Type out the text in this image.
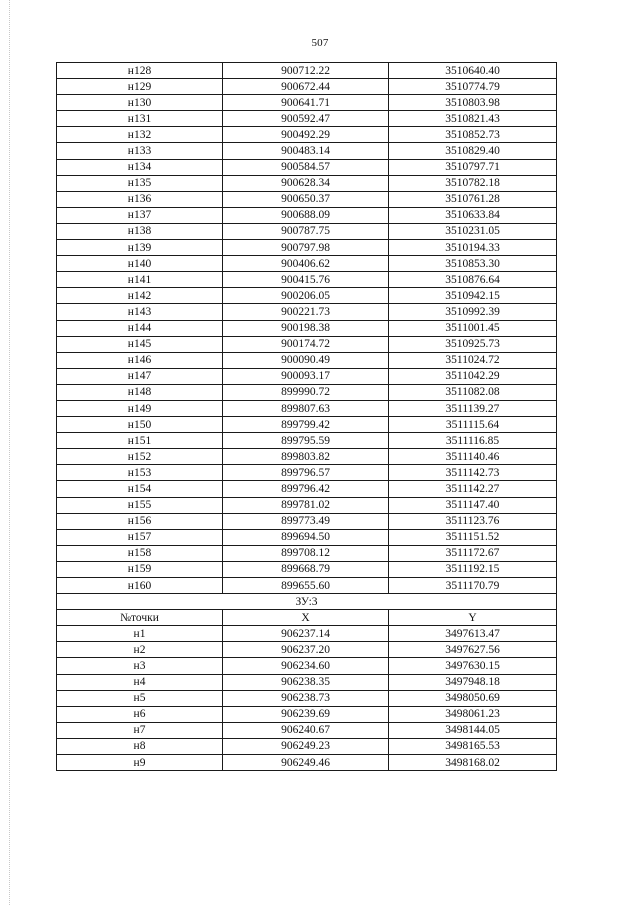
507
н128	900712.22	3510640.40
н129	900672.44	3510774.79
н130	900641.71	3510803.98
н131	900592.47	3510821.43
н132	900492.29	3510852.73
н133	900483.14	3510829.40
н134	900584.57	3510797.71
н135	900628.34	3510782.18
н136	900650.37	3510761.28
н137	900688.09	3510633.84
н138	900787.75	3510231.05
н139	900797.98	3510194.33
н140	900406.62	3510853.30
н141	900415.76	3510876.64
н142	900206.05	3510942.15
н143	900221.73	3510992.39
н144	900198.38	3511001.45
н145	900174.72	3510925.73
н146	900090.49	3511024.72
н147	900093.17	3511042.29
н148	899990.72	3511082.08
н149	899807.63	3511139.27
н150	899799.42	3511115.64
н151	899795.59	3511116.85
н152	899803.82	3511140.46
н153	899796.57	3511142.73
н154	899796.42	3511142.27
н155	899781.02	3511147.40
н156	899773.49	3511123.76
н157	899694.50	3511151.52
н158	899708.12	3511172.67
н159	899668.79	3511192.15
н160	899655.60	3511170.79
ЗУ:3		
№точки	X	Y
н1	906237.14	3497613.47
н2	906237.20	3497627.56
н3	906234.60	3497630.15
н4	906238.35	3497948.18
н5	906238.73	3498050.69
н6	906239.69	3498061.23
н7	906240.67	3498144.05
н8	906249.23	3498165.53
н9	906249.46	3498168.02
